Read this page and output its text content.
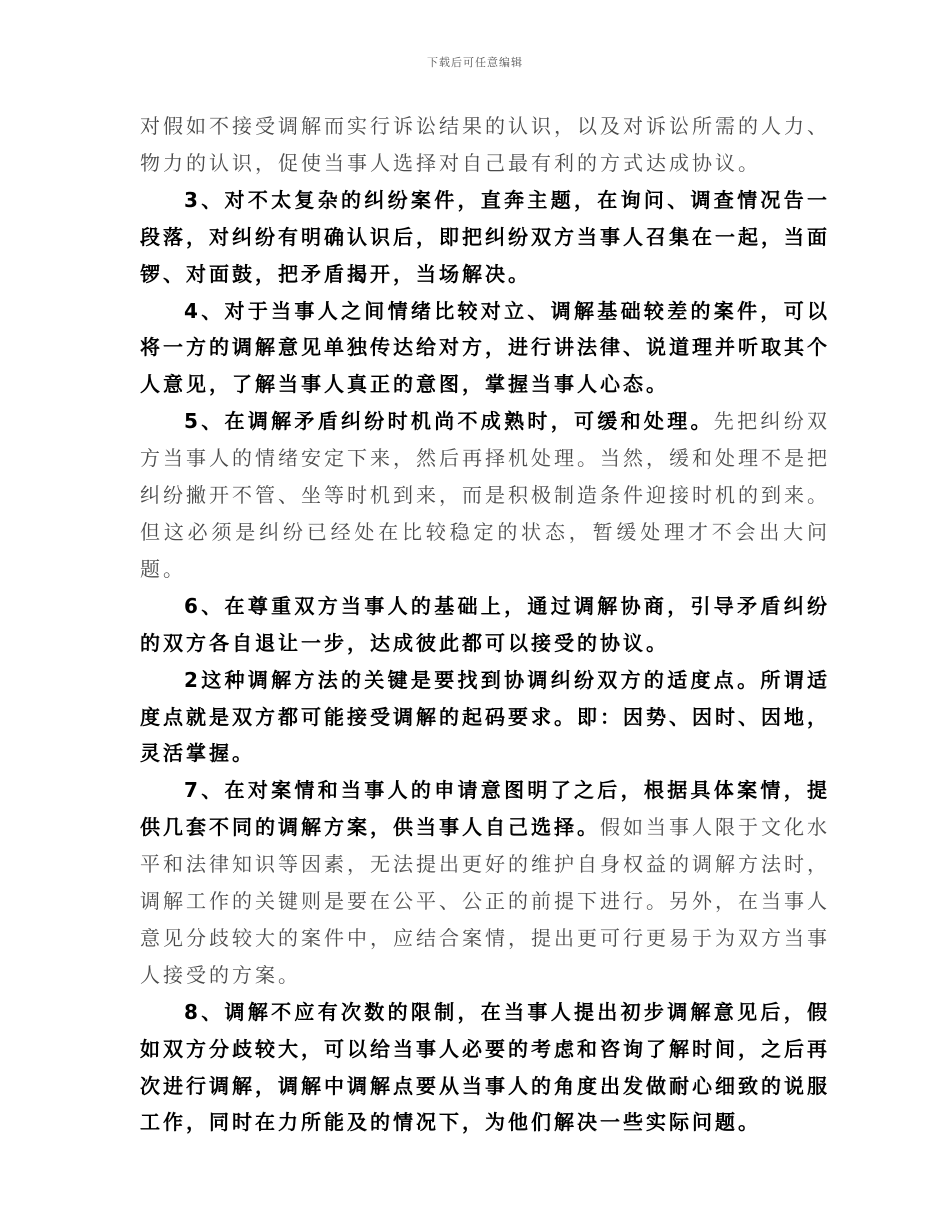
下载后可任意编辑

对假如不接受调解而实行诉讼结果的认识，以及对诉讼所需的人力、物力的认识，促使当事人选择对自己最有利的方式达成协议。

3、对不太复杂的纠纷案件，直奔主题，在询问、调查情况告一段落，对纠纷有明确认识后，即把纠纷双方当事人召集在一起，当面锣、对面鼓，把矛盾揭开，当场解决。

4、对于当事人之间情绪比较对立、调解基础较差的案件，可以将一方的调解意见单独传达给对方，进行讲法律、说道理并听取其个人意见，了解当事人真正的意图，掌握当事人心态。

5、在调解矛盾纠纷时机尚不成熟时，可缓和处理。先把纠纷双方当事人的情绪安定下来，然后再择机处理。当然，缓和处理不是把纠纷撇开不管、坐等时机到来，而是积极制造条件迎接时机的到来。但这必须是纠纷已经处在比较稳定的状态，暂缓处理才不会出大问题。

6、在尊重双方当事人的基础上，通过调解协商，引导矛盾纠纷的双方各自退让一步，达成彼此都可以接受的协议。

2这种调解方法的关键是要找到协调纠纷双方的适度点。所谓适度点就是双方都可能接受调解的起码要求。即：因势、因时、因地，灵活掌握。

7、在对案情和当事人的申请意图明了之后，根据具体案情，提供几套不同的调解方案，供当事人自己选择。假如当事人限于文化水平和法律知识等因素，无法提出更好的维护自身权益的调解方法时，调解工作的关键则是要在公平、公正的前提下进行。另外，在当事人意见分歧较大的案件中，应结合案情，提出更可行更易于为双方当事人接受的方案。

8、调解不应有次数的限制，在当事人提出初步调解意见后，假如双方分歧较大，可以给当事人必要的考虑和咨询了解时间，之后再次进行调解，调解中调解点要从当事人的角度出发做耐心细致的说服工作，同时在力所能及的情况下，为他们解决一些实际问题。
